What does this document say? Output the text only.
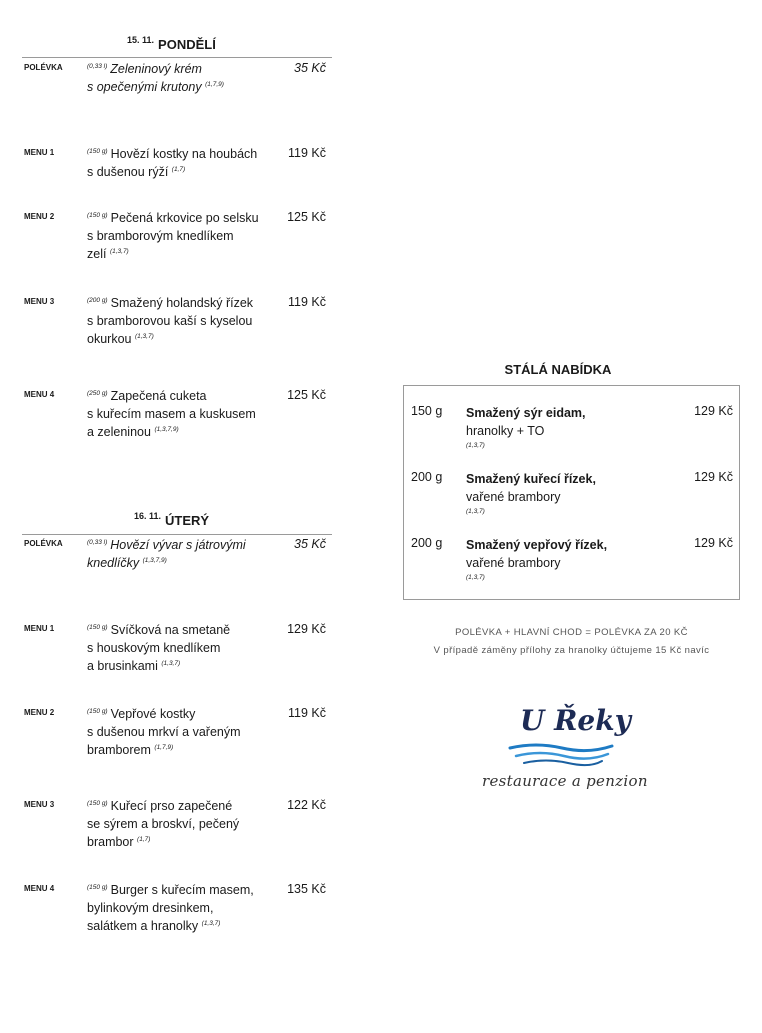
$^{15. 11.}$ PONDĚLÍ
$^{16. 11.}$ ÚTERÝ
POLÉVKA	$^{(0,33 l)}$ Zeleninový krém
s opečenými krutony $^{(1,7,9)}$
35 Kč
MENU 1	$^{(150 g)}$ Hovězí kostky na houbách
s dušenou rýží $^{(1,7)}$
119 Kč
MENU 2	$^{(150 g)}$ Pečená krkovice po selsku
s bramborovým knedlíkem
zelí $^{(1,3,7)}$
125 Kč
MENU 3	$^{(200 g)}$ Smažený holandský řízek
s bramborovou kaší s kyselou
okurkou $^{(1,3,7)}$
119 Kč
MENU 4	$^{(250 g)}$ Zapečená cuketa
s kuřecím masem a kuskusem
a zeleninou $^{(1,3,7,9)}$
125 Kč
POLÉVKA	$^{(0,33 l)}$ Hovězí vývar s játrovými
knedlíčky $^{(1,3,7,9)}$
35 Kč
MENU 1	$^{(150 g)}$ Svíčková na smetaně
s houskovým knedlíkem
a brusinkami $^{(1,3,7)}$
129 Kč
MENU 2	$^{(150 g)}$ Vepřové kostky
s dušenou mrkví a vařeným
bramborem $^{(1,7,9)}$
119 Kč
MENU 3	$^{(150 g)}$ Kuřecí prso zapečené
se sýrem a broskví, pečený
brambor $^{(1,7)}$
122 Kč
MENU 4	$^{(150 g)}$ Burger s kuřecím masem,
bylinkovým dresinkem,
salátkem a hranolky $^{(1,3,7)}$
135 Kč
STÁLÁ NABÍDKA
150 g Smažený sýr eidam,
hranolky + TO
(1,3,7)
129 Kč
200 g Smažený kuřecí řízek,
vařené brambory
(1,3,7)
129 Kč
200 g Smažený vepřový řízek,
vařené brambory
(1,3,7)
129 Kč
POLÉVKA + HLAVNÍ CHOD = POLÉVKA ZA 20 KČ
V případě záměny přílohy za hranolky účtujeme 15 Kč navíc
U Řeky
restaurace a penzion
